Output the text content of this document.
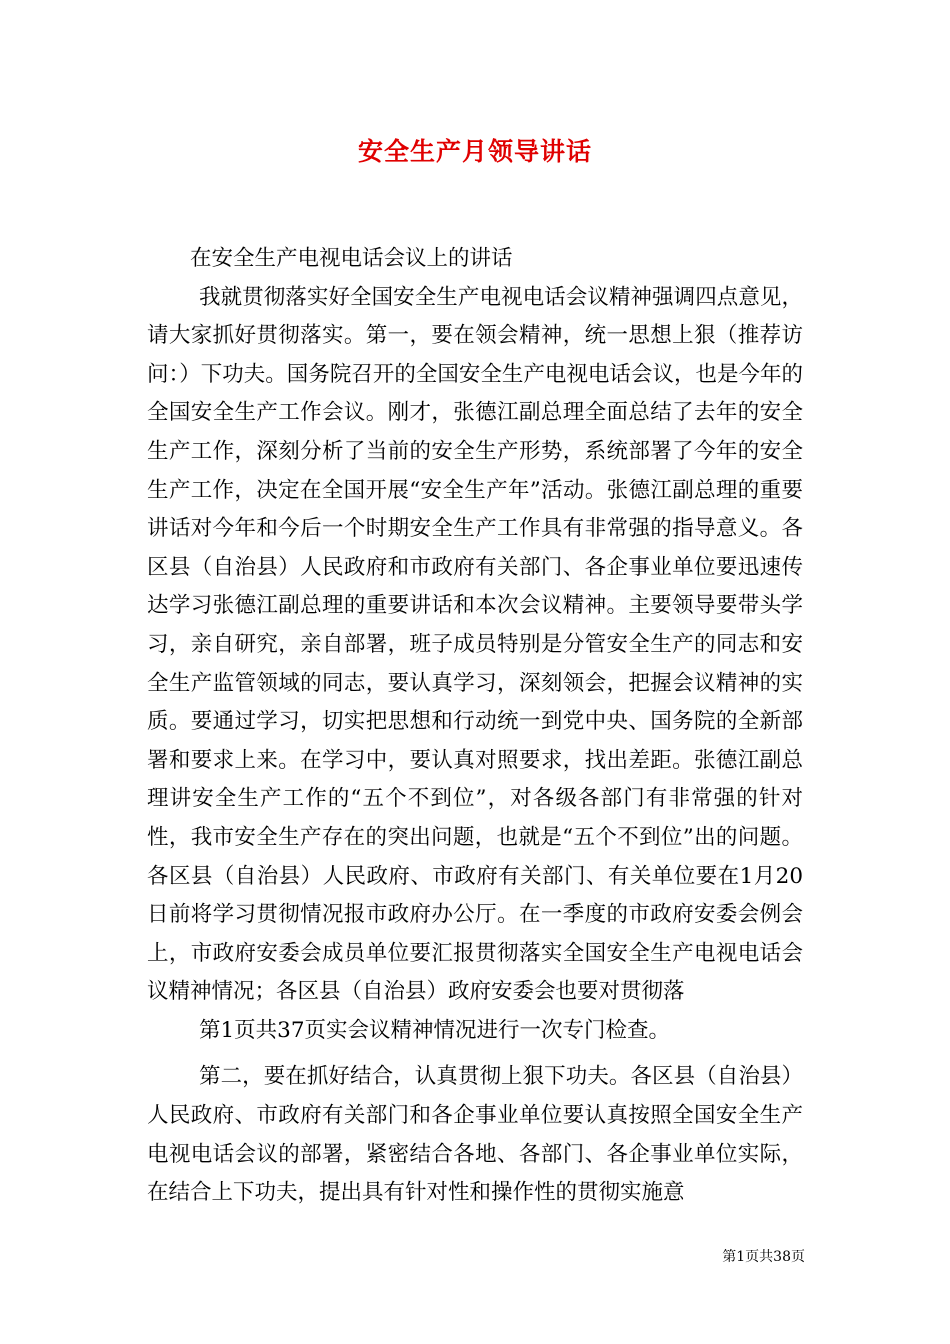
安全生产月领导讲话

在安全生产电视电话会议上的讲话

我就贯彻落实好全国安全生产电视电话会议精神强调四点意见，请大家抓好贯彻落实。第一，要在领会精神，统一思想上狠（推荐访问：）下功夫。国务院召开的全国安全生产电视电话会议，也是今年的全国安全生产工作会议。刚才，张德江副总理全面总结了去年的安全生产工作，深刻分析了当前的安全生产形势，系统部署了今年的安全生产工作，决定在全国开展“安全生产年”活动。张德江副总理的重要讲话对今年和今后一个时期安全生产工作具有非常强的指导意义。各区县（自治县）人民政府和市政府有关部门、各企事业单位要迅速传达学习张德江副总理的重要讲话和本次会议精神。主要领导要带头学习，亲自研究，亲自部署，班子成员特别是分管安全生产的同志和安全生产监管领域的同志，要认真学习，深刻领会，把握会议精神的实质。要通过学习，切实把思想和行动统一到党中央、国务院的全新部署和要求上来。在学习中，要认真对照要求，找出差距。张德江副总理讲安全生产工作的“五个不到位”，对各级各部门有非常强的针对性，我市安全生产存在的突出问题，也就是“五个不到位”出的问题。各区县（自治县）人民政府、市政府有关部门、有关单位要在1月20日前将学习贯彻情况报市政府办公厅。在一季度的市政府安委会例会上，市政府安委会成员单位要汇报贯彻落实全国安全生产电视电话会议精神情况；各区县（自治县）政府安委会也要对贯彻落

第1页共37页实会议精神情况进行一次专门检查。

第二，要在抓好结合，认真贯彻上狠下功夫。各区县（自治县）人民政府、市政府有关部门和各企事业单位要认真按照全国安全生产电视电话会议的部署，紧密结合各地、各部门、各企事业单位实际，在结合上下功夫，提出具有针对性和操作性的贯彻实施意

第1页共38页
